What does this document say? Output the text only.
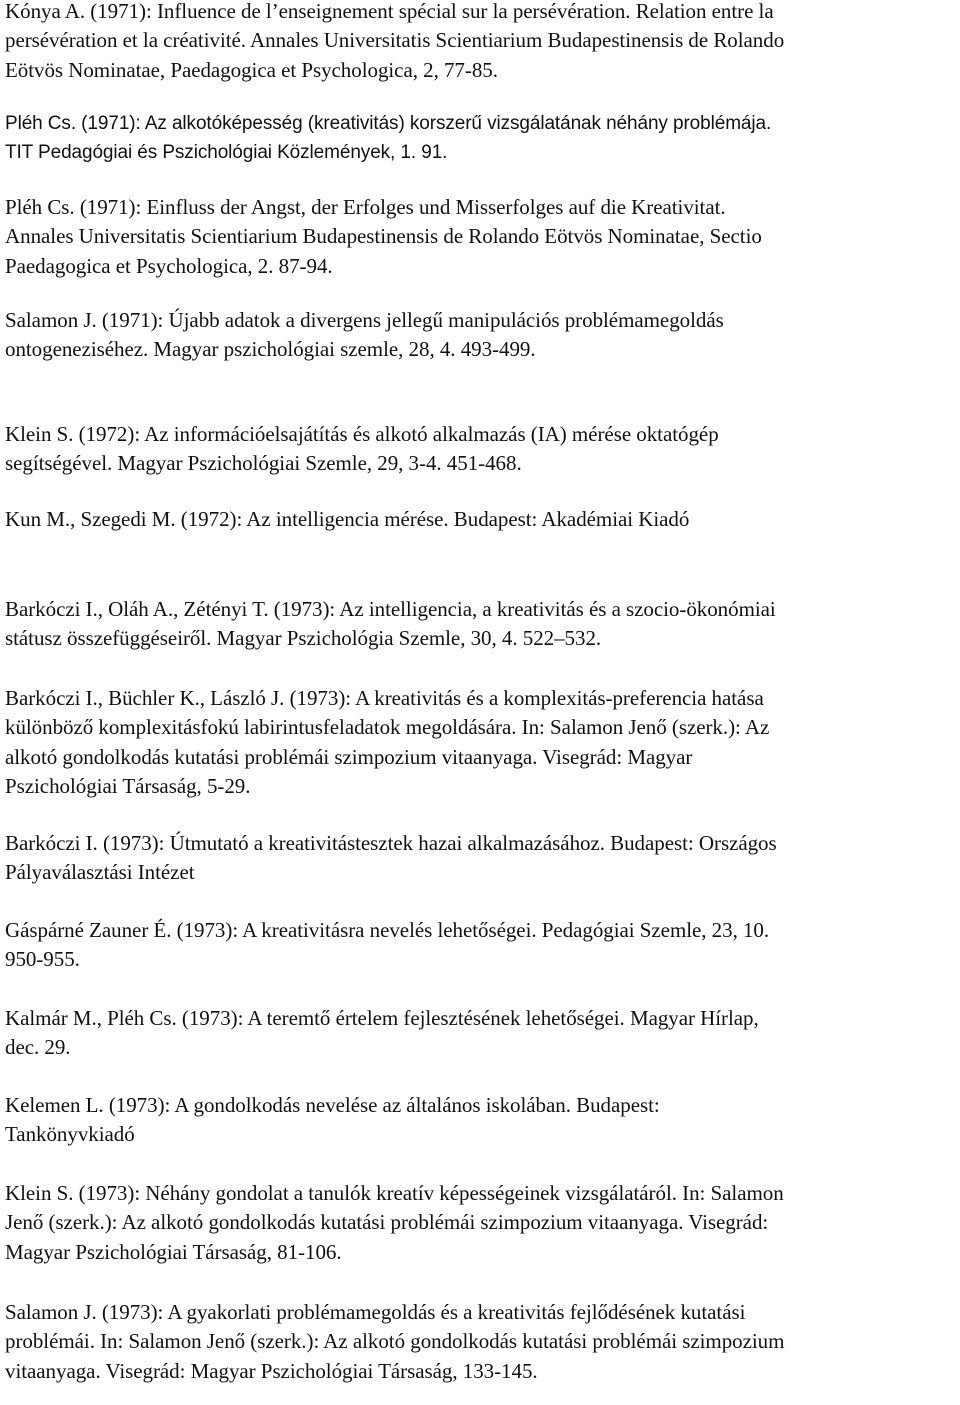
Kónya A. (1971): Influence de l’enseignement spécial sur la persévération. Relation entre la
persévération et la créativité. Annales Universitatis Scientiarium Budapestinensis de Rolando
Eötvös Nominatae, Paedagogica et Psychologica, 2, 77-85.

Pléh Cs. (1971): Az alkotóképesség (kreativitás) korszerű vizsgálatának néhány problémája.
TIT Pedagógiai és Pszichológiai Közlemények, 1. 91.

Pléh Cs. (1971): Einfluss der Angst, der Erfolges und Misserfolges auf die Kreativitat.
Annales Universitatis Scientiarium Budapestinensis de Rolando Eötvös Nominatae, Sectio
Paedagogica et Psychologica, 2. 87-94.

Salamon J. (1971): Újabb adatok a divergens jellegű manipulációs problémamegoldás
ontogeneziséhez. Magyar pszichológiai szemle, 28, 4. 493-499.

Klein S. (1972): Az információelsajátítás és alkotó alkalmazás (IA) mérése oktatógép
segítségével. Magyar Pszichológiai Szemle, 29, 3-4. 451-468.

Kun M., Szegedi M. (1972): Az intelligencia mérése. Budapest: Akadémiai Kiadó

Barkóczi I., Oláh A., Zétényi T. (1973): Az intelligencia, a kreativitás és a szocio-ökonómiai
státusz összefüggéseiről. Magyar Pszichológia Szemle, 30, 4. 522–532.

Barkóczi I., Büchler K., László J. (1973): A kreativitás és a komplexitás-preferencia hatása
különböző komplexitásfokú labirintusfeladatok megoldására. In: Salamon Jenő (szerk.): Az
alkotó gondolkodás kutatási problémái szimpozium vitaanyaga. Visegrád: Magyar
Pszichológiai Társaság, 5-29.

Barkóczi I. (1973): Útmutató a kreativitástesztek hazai alkalmazásához. Budapest: Országos
Pályaválasztási Intézet

Gáspárné Zauner É. (1973): A kreativitásra nevelés lehetőségei. Pedagógiai Szemle, 23, 10.
950-955.

Kalmár M., Pléh Cs. (1973): A teremtő értelem fejlesztésének lehetőségei. Magyar Hírlap,
dec. 29.

Kelemen L. (1973): A gondolkodás nevelése az általános iskolában. Budapest:
Tankönyvkiadó

Klein S. (1973): Néhány gondolat a tanulók kreatív képességeinek vizsgálatáról. In: Salamon
Jenő (szerk.): Az alkotó gondolkodás kutatási problémái szimpozium vitaanyaga. Visegrád:
Magyar Pszichológiai Társaság, 81-106.

Salamon J. (1973): A gyakorlati problémamegoldás és a kreativitás fejlődésének kutatási
problémái. In: Salamon Jenő (szerk.): Az alkotó gondolkodás kutatási problémái szimpozium
vitaanyaga. Visegrád: Magyar Pszichológiai Társaság, 133-145.
